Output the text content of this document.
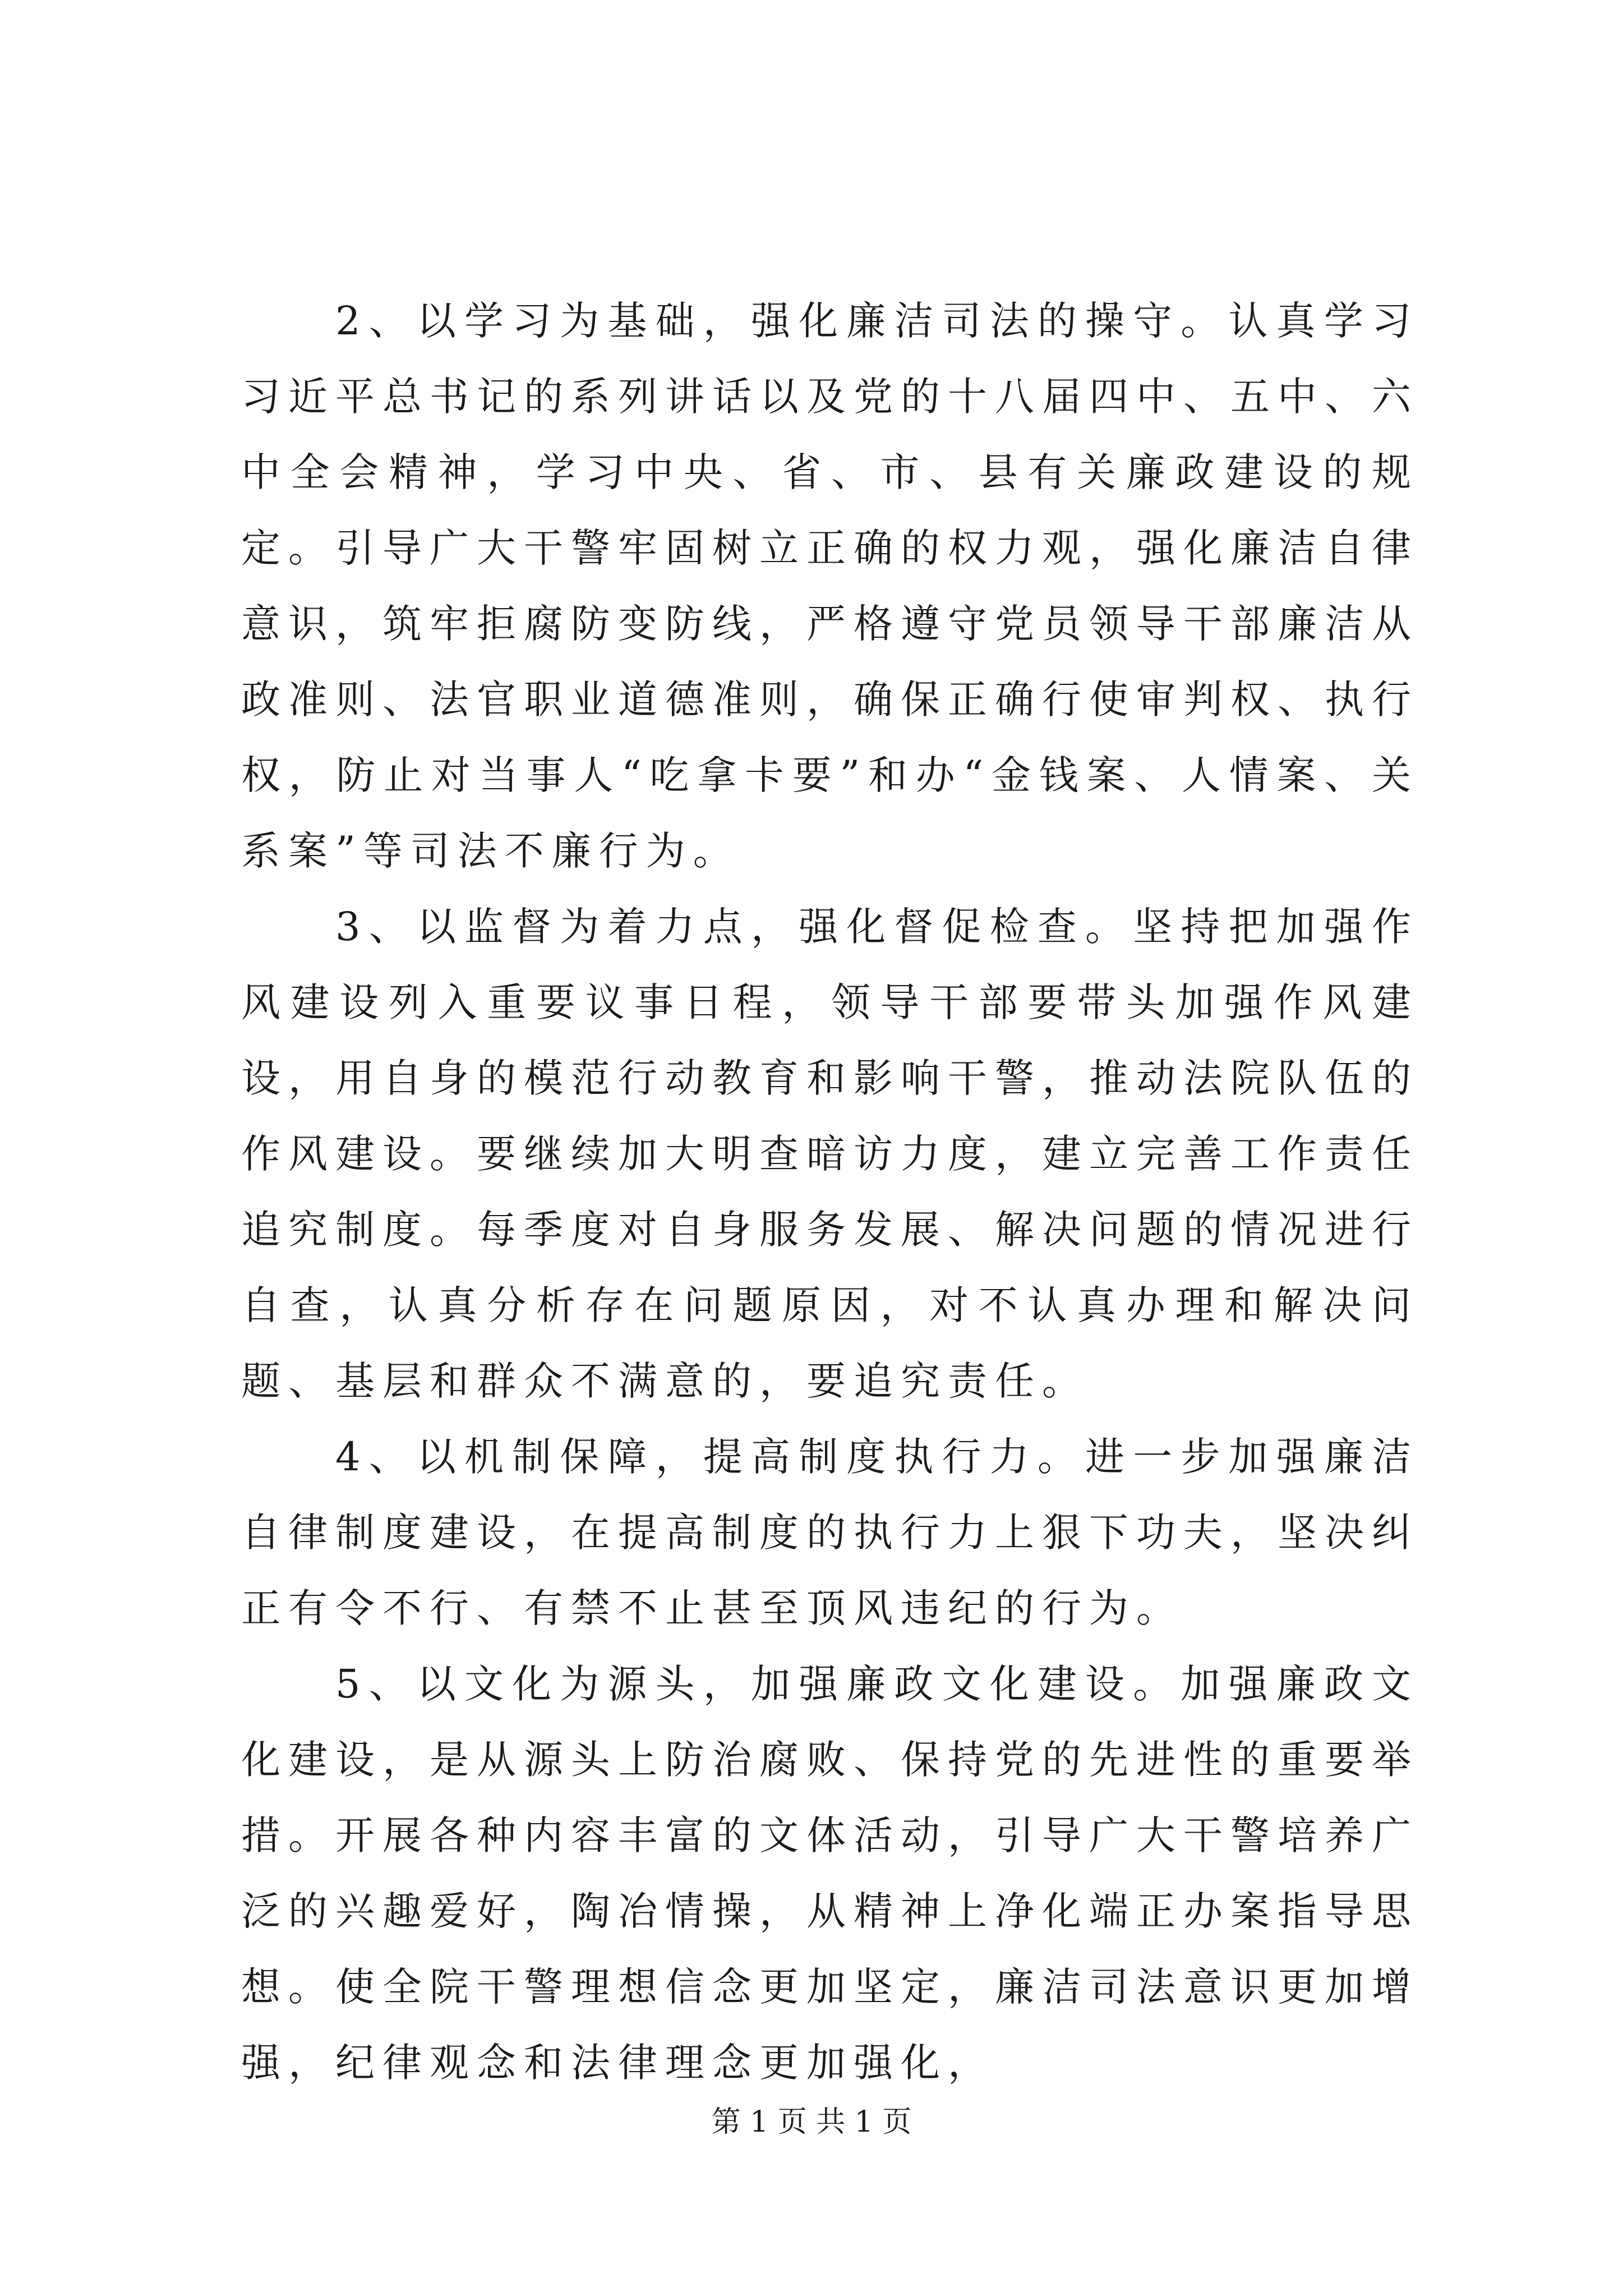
2、以学习为基础，强化廉洁司法的操守。认真学习习近平总书记的系列讲话以及党的十八届四中、五中、六中全会精神，学习中央、省、市、县有关廉政建设的规定。引导广大干警牢固树立正确的权力观，强化廉洁自律意识，筑牢拒腐防变防线，严格遵守党员领导干部廉洁从政准则、法官职业道德准则，确保正确行使审判权、执行权，防止对当事人“吃拿卡要”和办“金钱案、人情案、关系案”等司法不廉行为。

3、以监督为着力点，强化督促检查。坚持把加强作风建设列入重要议事日程，领导干部要带头加强作风建设，用自身的模范行动教育和影响干警，推动法院队伍的作风建设。要继续加大明查暗访力度，建立完善工作责任追究制度。每季度对自身服务发展、解决问题的情况进行自查，认真分析存在问题原因，对不认真办理和解决问题、基层和群众不满意的，要追究责任。

4、以机制保障，提高制度执行力。进一步加强廉洁自律制度建设，在提高制度的执行力上狠下功夫，坚决纠正有令不行、有禁不止甚至顶风违纪的行为。

5、以文化为源头，加强廉政文化建设。加强廉政文化建设，是从源头上防治腐败、保持党的先进性的重要举措。开展各种内容丰富的文体活动，引导广大干警培养广泛的兴趣爱好，陶冶情操，从精神上净化端正办案指导思想。使全院干警理想信念更加坚定，廉洁司法意识更加增强，纪律观念和法律理念更加强化，

第 1 页 共 1 页
